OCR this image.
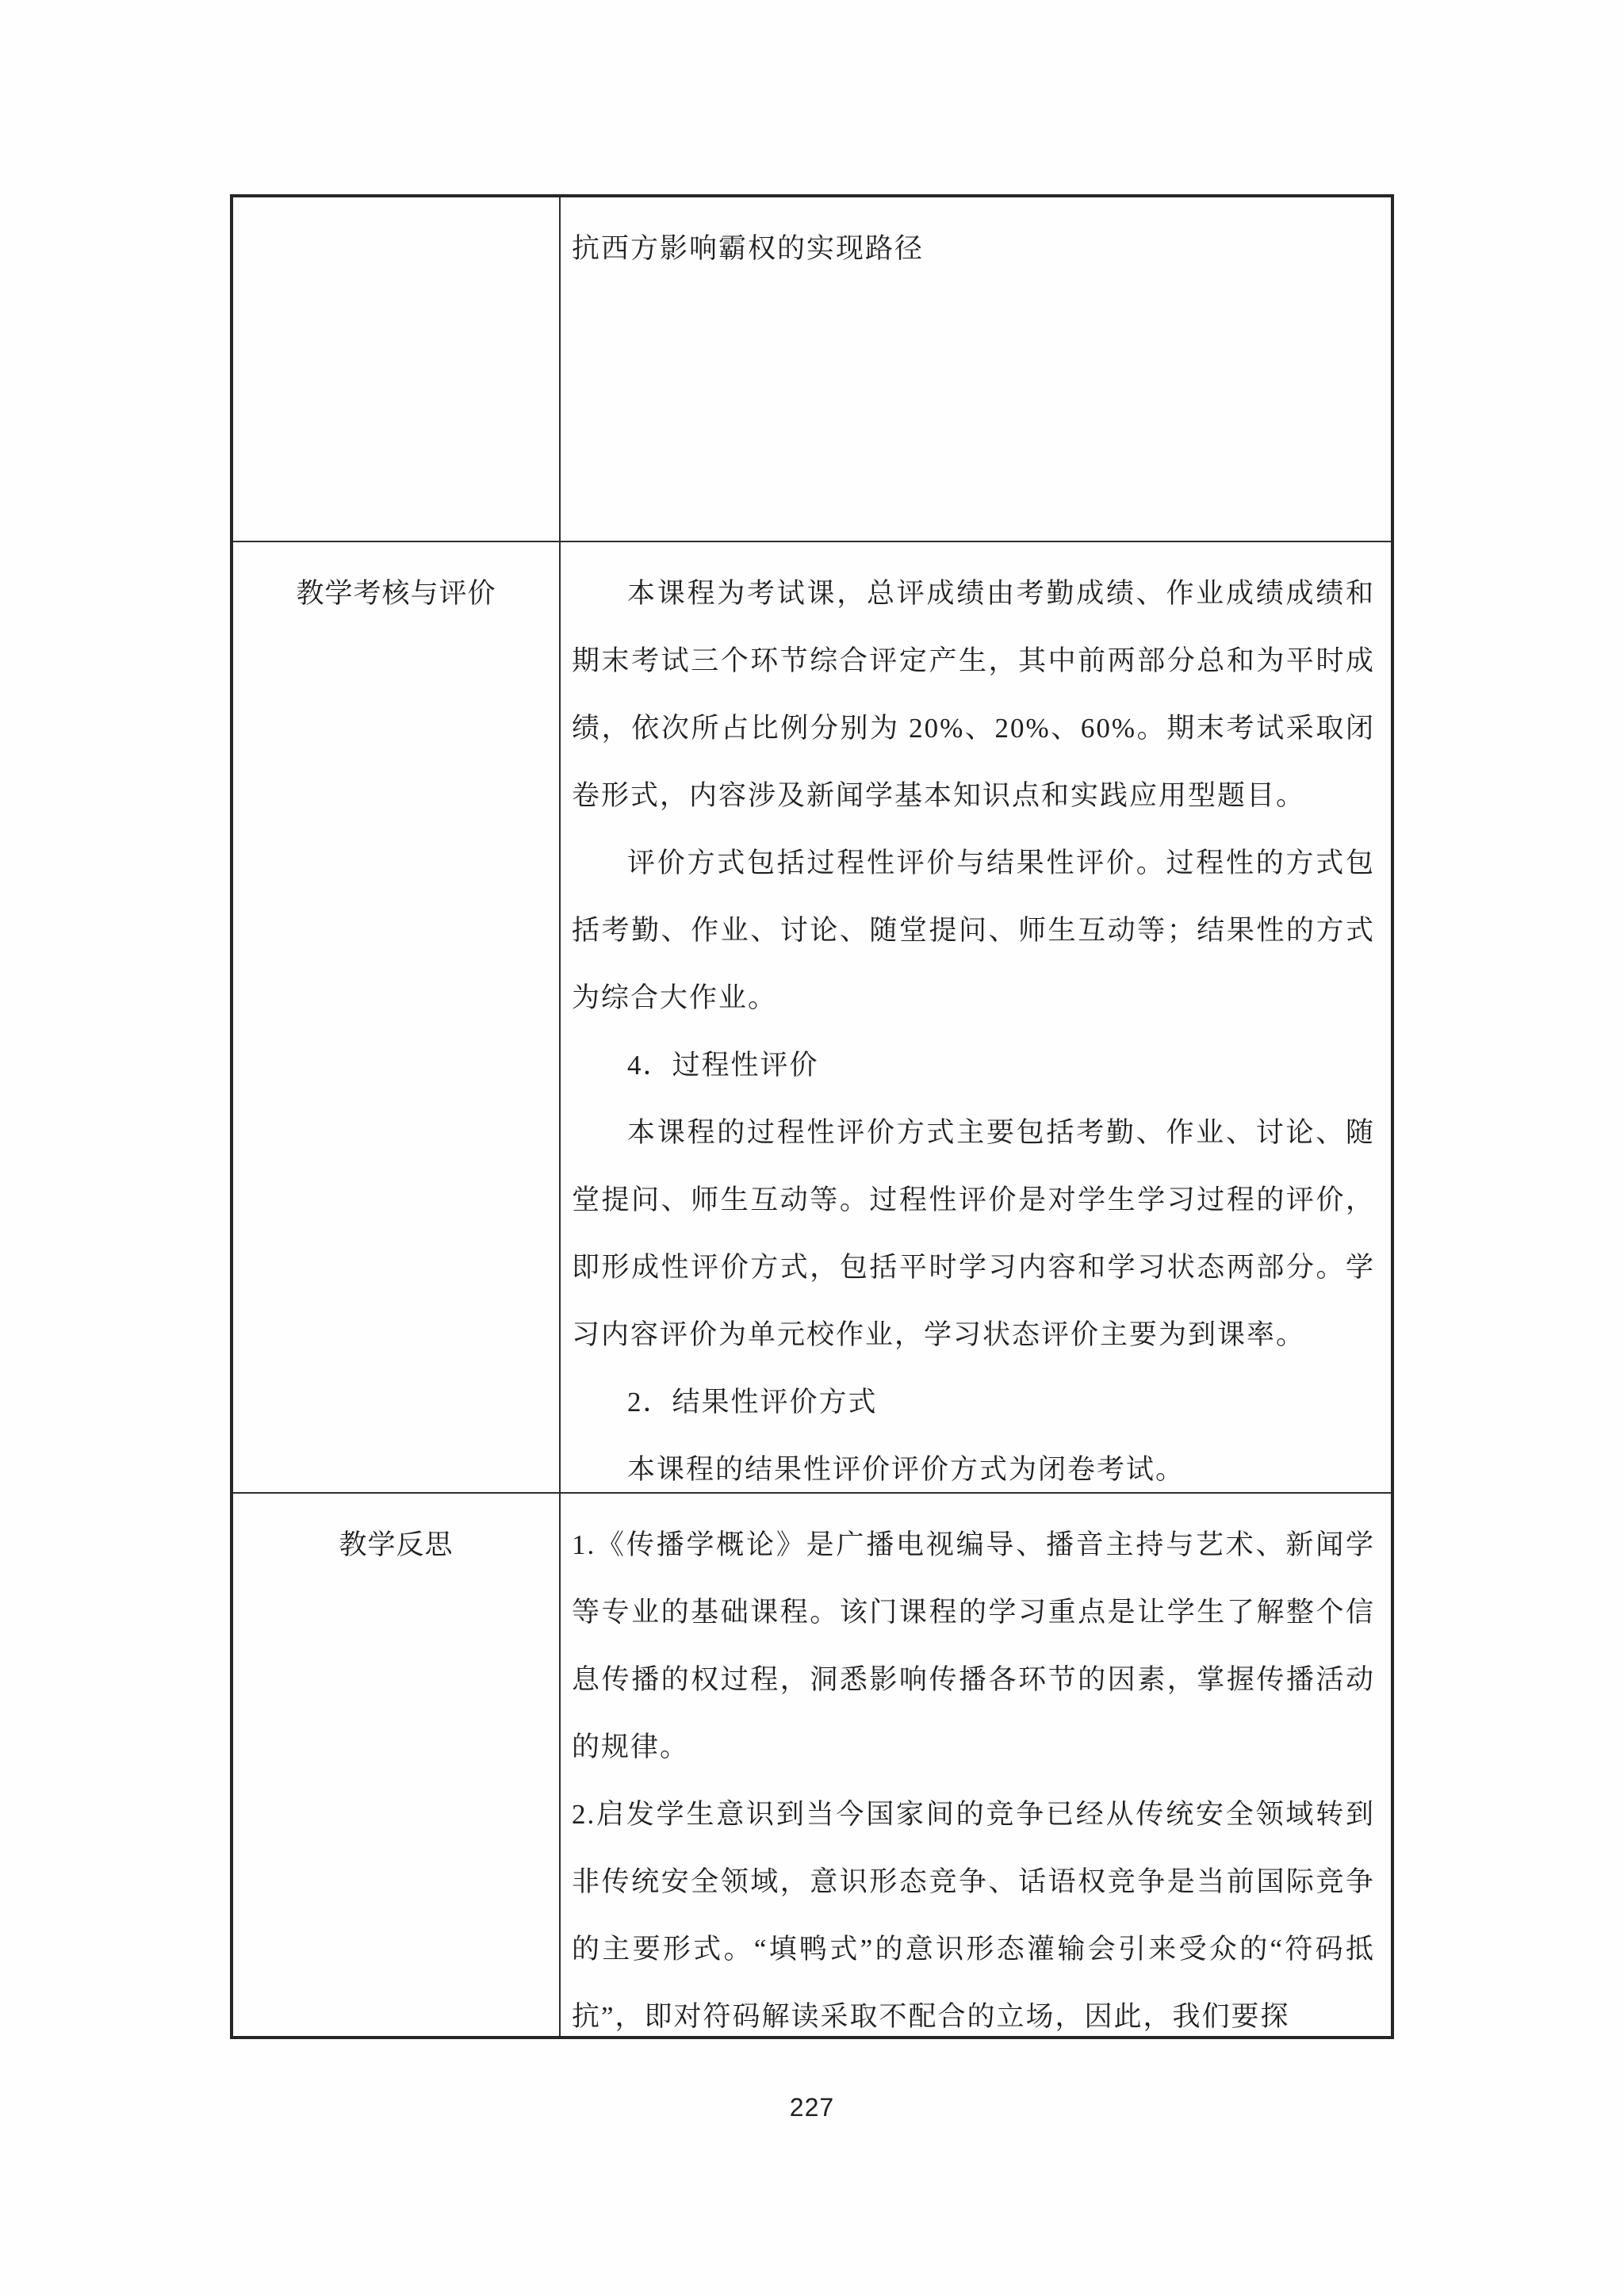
抗西方影响霸权的实现路径

教学考核与评价	本课程为考试课，总评成绩由考勤成绩、作业成绩成绩和期末考试三个环节综合评定产生，其中前两部分总和为平时成绩，依次所占比例分别为 20%、20%、60%。期末考试采取闭卷形式，内容涉及新闻学基本知识点和实践应用型题目。

评价方式包括过程性评价与结果性评价。过程性的方式包括考勤、作业、讨论、随堂提问、师生互动等；结果性的方式为综合大作业。

4．过程性评价

本课程的过程性评价方式主要包括考勤、作业、讨论、随堂提问、师生互动等。过程性评价是对学生学习过程的评价，即形成性评价方式，包括平时学习内容和学习状态两部分。学习内容评价为单元校作业，学习状态评价主要为到课率。

2．结果性评价方式

本课程的结果性评价评价方式为闭卷考试。

教学反思	1.《传播学概论》是广播电视编导、播音主持与艺术、新闻学等专业的基础课程。该门课程的学习重点是让学生了解整个信息传播的权过程，洞悉影响传播各环节的因素，掌握传播活动的规律。

2.启发学生意识到当今国家间的竞争已经从传统安全领域转到非传统安全领域，意识形态竞争、话语权竞争是当前国际竞争的主要形式。“填鸭式”的意识形态灌输会引来受众的“符码抵抗”，即对符码解读采取不配合的立场，因此，我们要探

227
